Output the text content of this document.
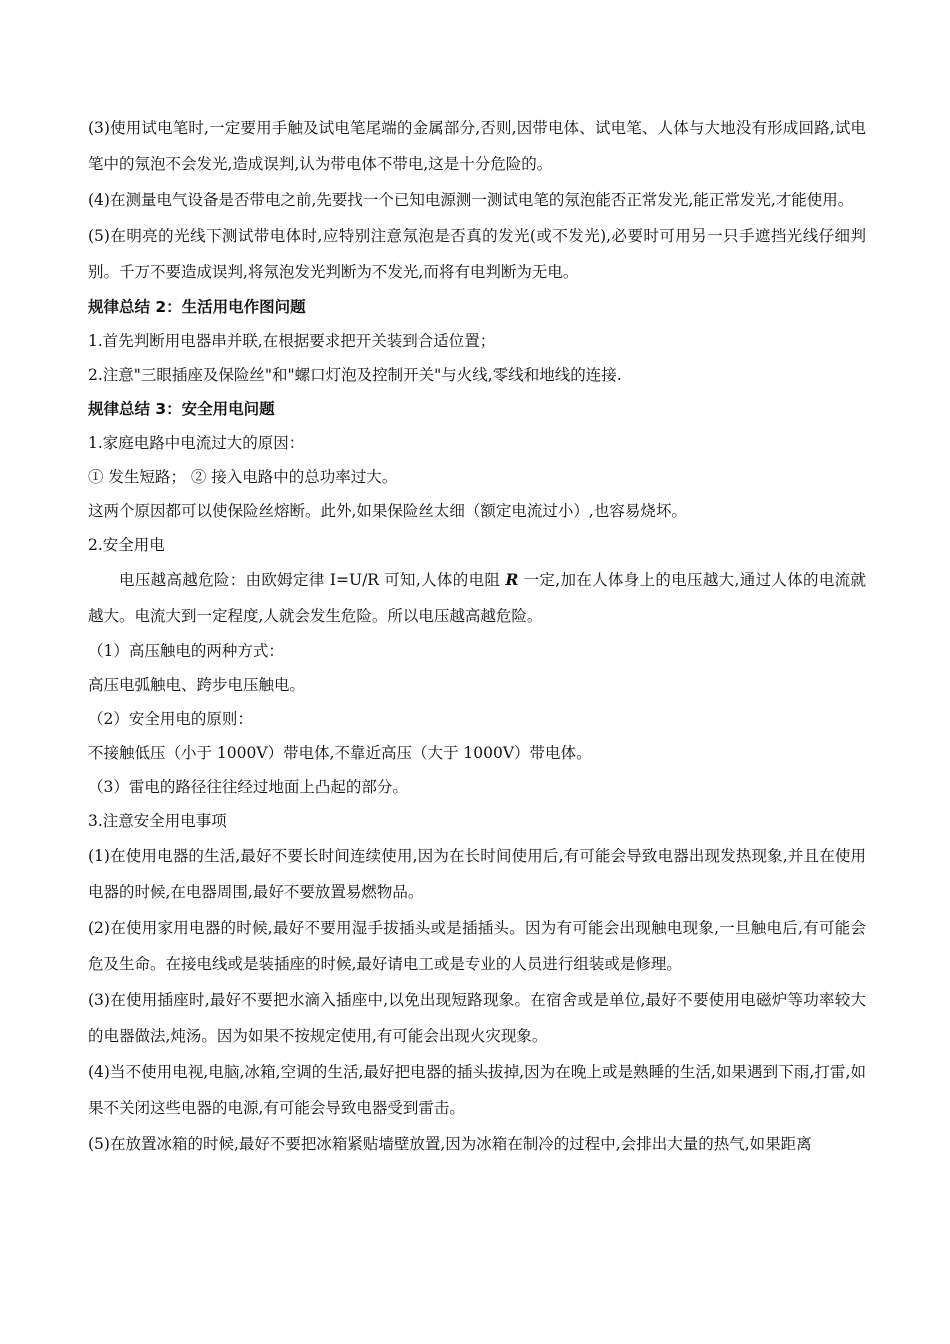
(3)使用试电笔时,一定要用手触及试电笔尾端的金属部分,否则,因带电体、试电笔、人体与大地没有形成回路,试电笔中的氖泡不会发光,造成误判,认为带电体不带电,这是十分危险的。

(4)在测量电气设备是否带电之前,先要找一个已知电源测一测试电笔的氖泡能否正常发光,能正常发光,才能使用。

(5)在明亮的光线下测试带电体时,应特别注意氖泡是否真的发光(或不发光),必要时可用另一只手遮挡光线仔细判别。千万不要造成误判,将氖泡发光判断为不发光,而将有电判断为无电。

规律总结 2：生活用电作图问题

1.首先判断用电器串并联,在根据要求把开关装到合适位置；

2.注意"三眼插座及保险丝"和"螺口灯泡及控制开关"与火线,零线和地线的连接.

规律总结 3：安全用电问题

1.家庭电路中电流过大的原因：

① 发生短路； ② 接入电路中的总功率过大。

这两个原因都可以使保险丝熔断。此外,如果保险丝太细（额定电流过小）,也容易烧坏。

2.安全用电

电压越高越危险：由欧姆定律 I=U/R 可知,人体的电阻 R 一定,加在人体身上的电压越大,通过人体的电流就越大。电流大到一定程度,人就会发生危险。所以电压越高越危险。

（1）高压触电的两种方式：

高压电弧触电、跨步电压触电。

（2）安全用电的原则：

不接触低压（小于 1000V）带电体,不靠近高压（大于 1000V）带电体。

（3）雷电的路径往往经过地面上凸起的部分。

3.注意安全用电事项

(1)在使用电器的生活,最好不要长时间连续使用,因为在长时间使用后,有可能会导致电器出现发热现象,并且在使用电器的时候,在电器周围,最好不要放置易燃物品。

(2)在使用家用电器的时候,最好不要用湿手拔插头或是插插头。因为有可能会出现触电现象,一旦触电后,有可能会危及生命。在接电线或是装插座的时候,最好请电工或是专业的人员进行组装或是修理。

(3)在使用插座时,最好不要把水滴入插座中,以免出现短路现象。在宿舍或是单位,最好不要使用电磁炉等功率较大的电器做法,炖汤。因为如果不按规定使用,有可能会出现火灾现象。

(4)当不使用电视,电脑,冰箱,空调的生活,最好把电器的插头拔掉,因为在晚上或是熟睡的生活,如果遇到下雨,打雷,如果不关闭这些电器的电源,有可能会导致电器受到雷击。

(5)在放置冰箱的时候,最好不要把冰箱紧贴墙壁放置,因为冰箱在制冷的过程中,会排出大量的热气,如果距离
